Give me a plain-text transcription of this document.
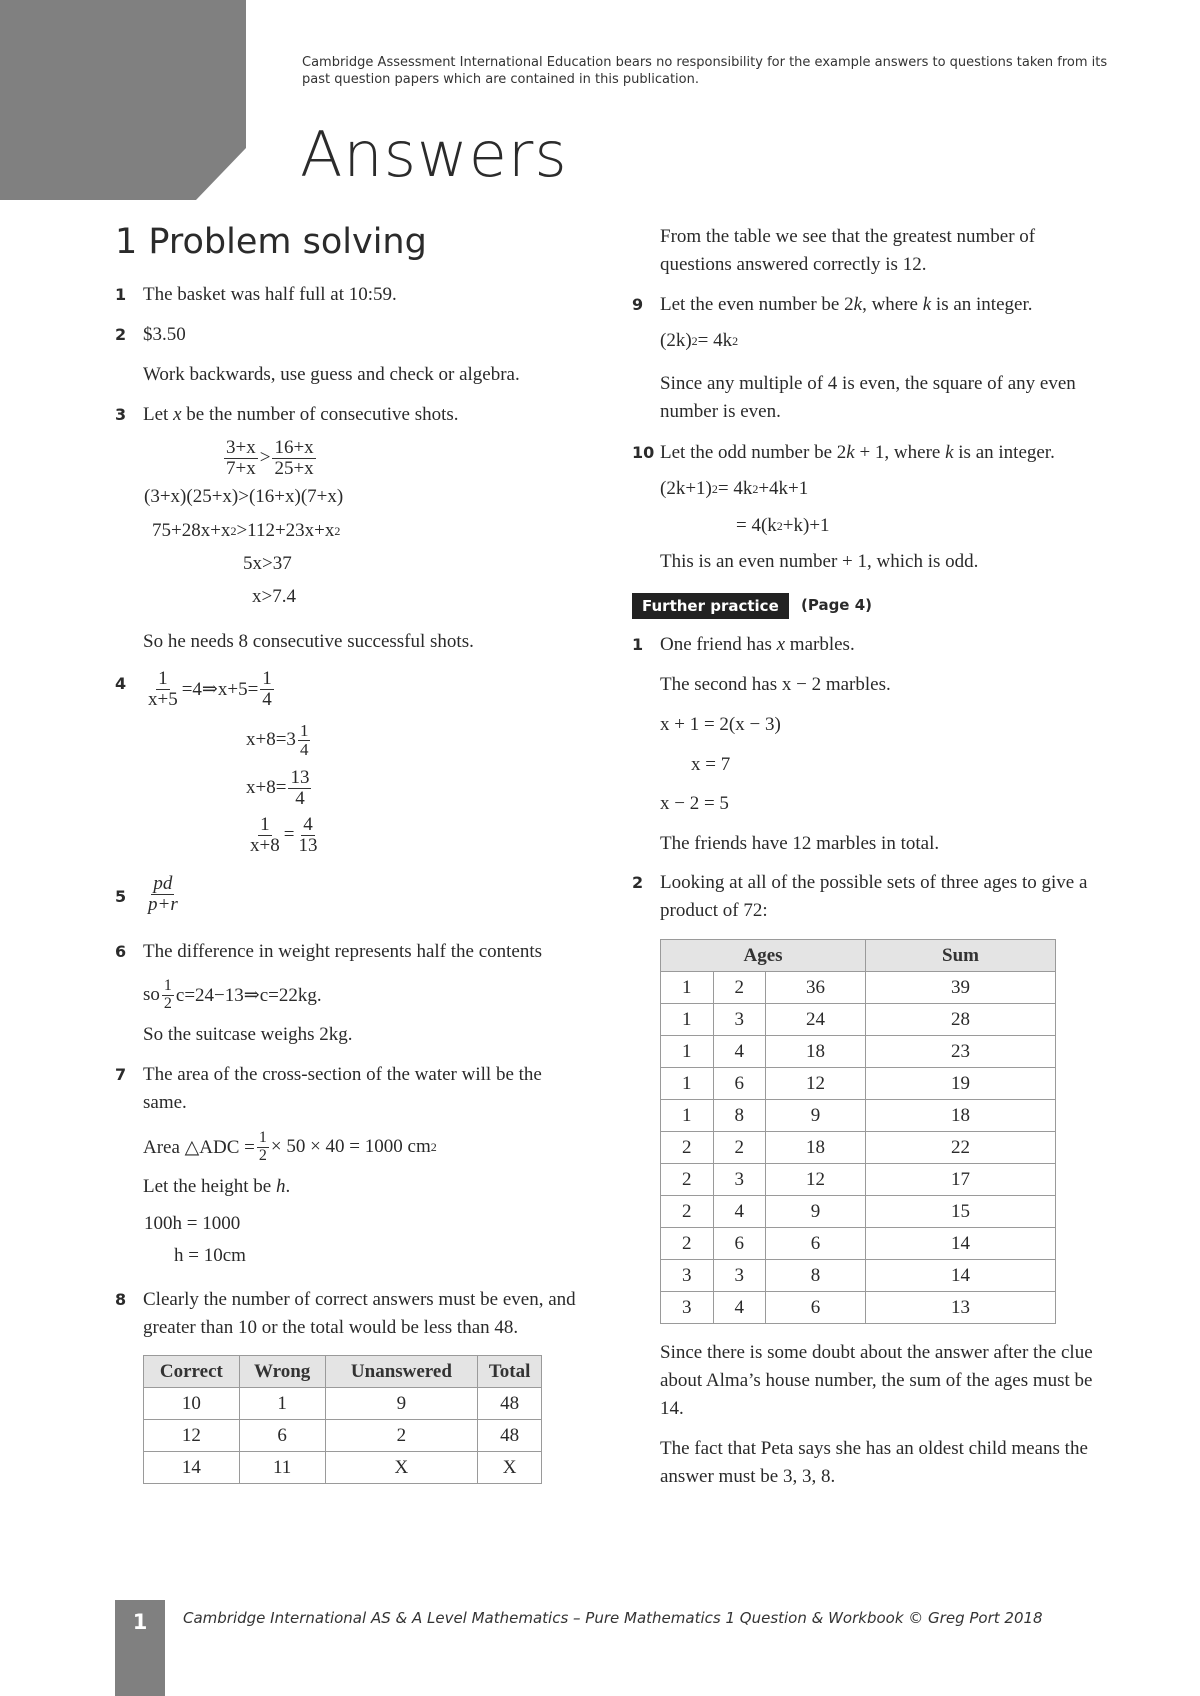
Cambridge Assessment International Education bears no responsibility for the example answers to questions taken from its past question papers which are contained in this publication.
Answers
1 Problem solving
1 The basket was half full at 10:59.
2 $3.50
Work backwards, use guess and check or algebra.
3 Let x be the number of consecutive shots.
$\frac{3+x}{7+x} > \frac{16+x}{25+x}$
(3+x)(25+x)>(16+x)(7+x)
75+28x+x 2 >112+23x+x 2
5x>37
x>7.4
So he needs 8 consecutive successful shots.
$4 \frac{1}{x+5}$ =4⇒x+5= $\frac{1}{4}$
$x+8=3 \frac{1}{4}$
$x+8= \frac{13}{4}$
$\frac{1}{x+8} = \frac{4}{13}$
$5 \frac{pd}{p+r}$
6 The difference in weight represents half the contents
so $\frac{1}{2}$ c=24−13⇒c=22kg.
So the suitcase weighs 2kg.
7 The area of the cross-section of the water will be the same.
Area △ADC = $\frac{1}{2} \times 50 \times 40 = 1000$ cm 2
Let the height be h.
100h = 1000
h = 10cm
8 Clearly the number of correct answers must be even, and greater than 10 or the total would be less than 48.
Correct	Wrong	Unanswered	Total
10	1	9	48
12	6	2	48
14	11	X	X
From the table we see that the greatest number of questions answered correctly is 12.
9 Let the even number be 2k, where k is an integer.
(2k) 2 = 4k 2
Since any multiple of 4 is even, the square of any even number is even.
10 Let the odd number be 2k + 1, where k is an integer.
(2k+1) 2 = 4k 2 +4k+1
= 4(k 2 +k)+1
This is an even number + 1, which is odd.
Further practice	(Page 4)
1 One friend has x marbles.
The second has x − 2 marbles.
x + 1 = 2(x − 3)
x = 7
x − 2 = 5
The friends have 12 marbles in total.
2 Looking at all of the possible sets of three ages to give a product of 72:
Ages			Sum
1	2	36	39
1	3	24	28
1	4	18	23
1	6	12	19
1	8	9	18
2	2	18	22
2	3	12	17
2	4	9	15
2	6	6	14
3	3	8	14
3	4	6	13
Since there is some doubt about the answer after the clue about Alma’s house number, the sum of the ages must be 14.
The fact that Peta says she has an oldest child means the answer must be 3, 3, 8.
1	Cambridge International AS & A Level Mathematics – Pure Mathematics 1 Question & Workbook © Greg Port 2018
